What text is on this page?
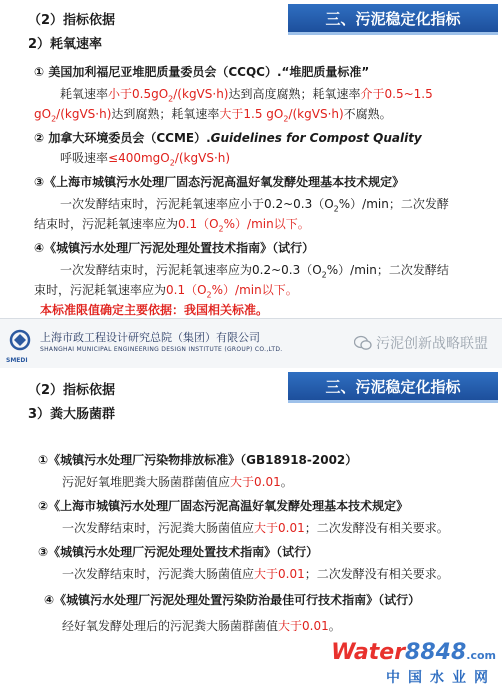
三、污泥稳定化指标
（2）指标依据
2）耗氧速率
① 美国加利福尼亚堆肥质量委员会（CCQC）.“堆肥质量标准”
耗氧速率小于$0.5gO_2/(kgVS\cdot h)$达到高度腐熟；耗氧速率介于0.5~1.5
$gO_2/(kgVS\cdot h)$达到腐熟；耗氧速率大于1.5 $gO_2/(kgVS\cdot h)$不腐熟。
② 加拿大环境委员会（CCME）.Guidelines for Compost Quality
呼吸速率≤400mgO$_2$/(kgVS·h)
③《上海市城镇污水处理厂固态污泥高温好氧发酵处理基本技术规定》
一次发酵结束时，污泥耗氧速率应小于$0.2\sim 0.3(O_2\%)/\min$；二次发酵
结束时，污泥耗氧速率应为$0.1(O_2\%)/\min$以下。
④《城镇污水处理厂污泥处理处置技术指南》（试行）
一次发酵结束时，污泥耗氧速率应为$0.2\sim 0.3(O_2\%)/\min$；二次发酵结
束时，污泥耗氧速率应为$0.1(O_2\%)/\min$以下。
本标准限值确定主要依据：我国相关标准。
SMEDI
上海市政工程设计研究总院（集团）有限公司
SHANGHAI MUNICIPAL ENGINEERING DESIGN INSTITUTE (GROUP) CO.,LTD.	污泥创新战略联盟
三、污泥稳定化指标
（2）指标依据
3）粪大肠菌群
①《城镇污水处理厂污染物排放标准》（GB18918-2002）
污泥好氧堆肥粪大肠菌群菌值应大于0.01。
②《上海市城镇污水处理厂固态污泥高温好氧发酵处理基本技术规定》
一次发酵结束时，污泥粪大肠菌值应大于0.01；二次发酵没有相关要求。
③《城镇污水处理厂污泥处理处置技术指南》（试行）
一次发酵结束时，污泥粪大肠菌值应大于0.01；二次发酵没有相关要求。
④《城镇污水处理厂污泥处理处置污染防治最佳可行技术指南》（试行）
经好氧发酵处理后的污泥粪大肠菌群菌值大于0.01。
Water8848.com
中国水业网
